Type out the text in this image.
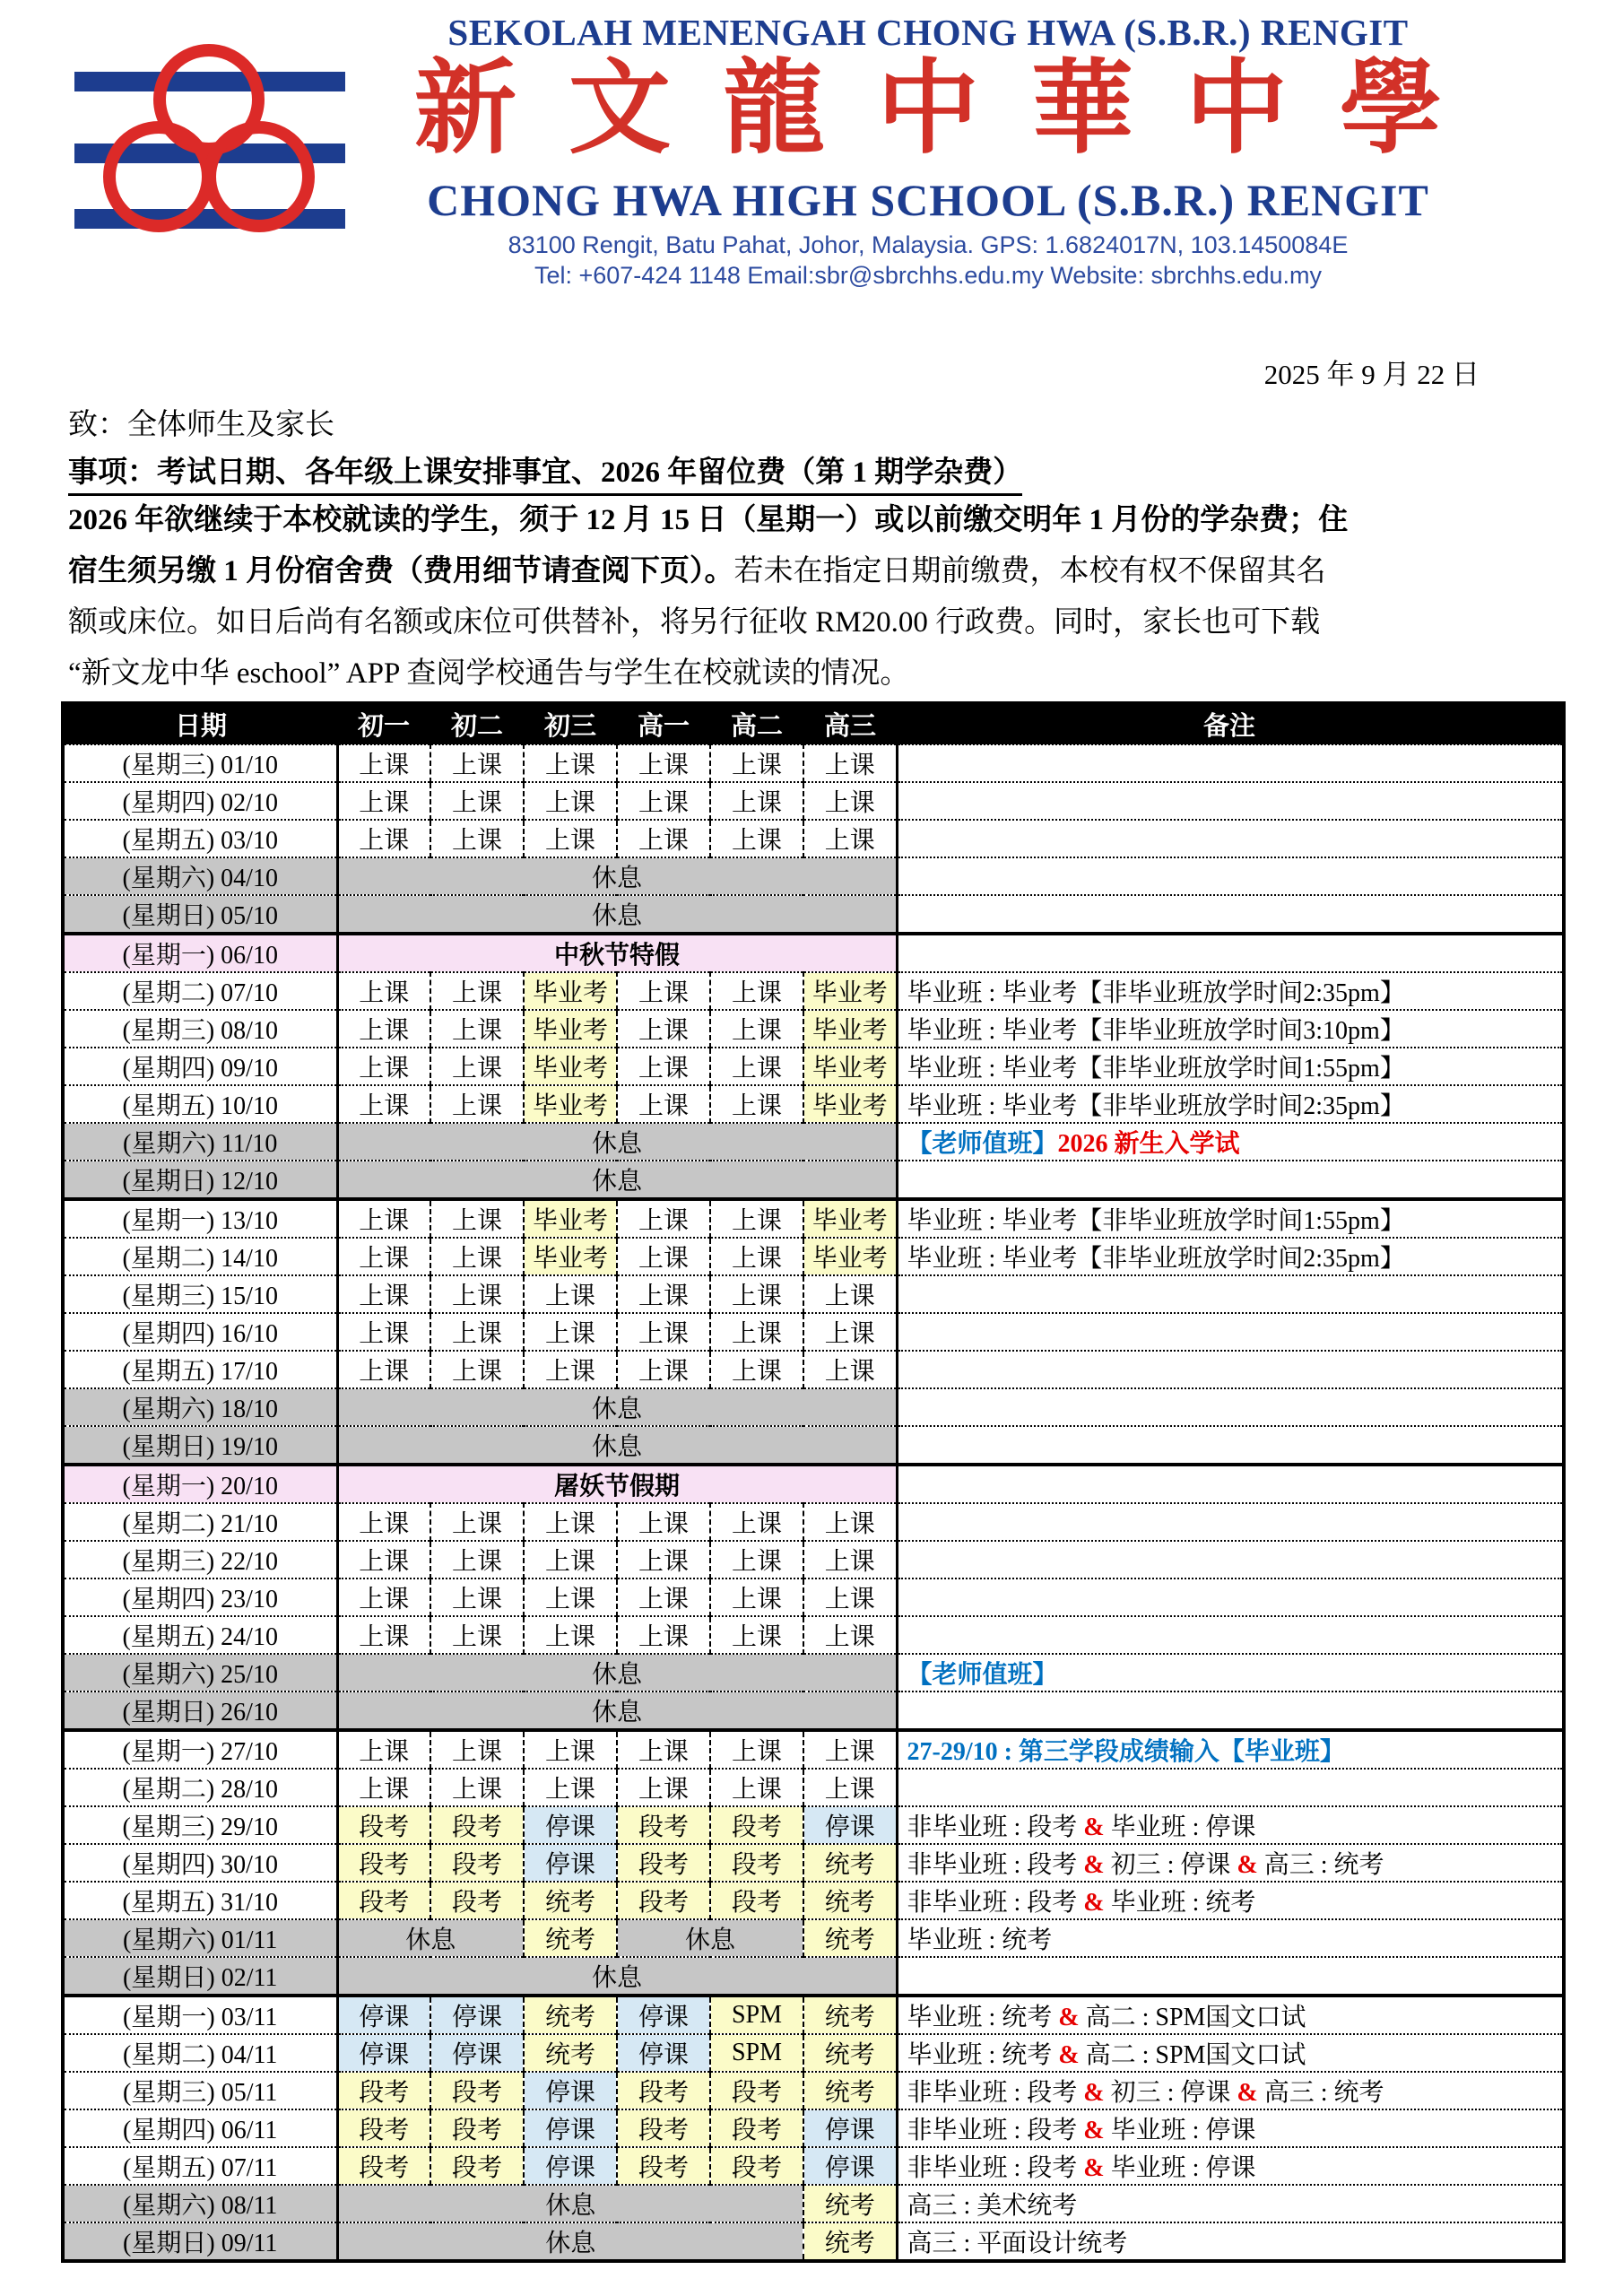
SEKOLAH MENENGAH CHONG HWA (S.B.R.) RENGIT
新文龍中華中學
CHONG HWA HIGH SCHOOL (S.B.R.) RENGIT
83100 Rengit, Batu Pahat, Johor, Malaysia. GPS: 1.6824017N, 103.1450084E
Tel: +607-424 1148 Email:sbr@sbrchhs.edu.my Website: sbrchhs.edu.my
2025 年 9 月 22 日
致：全体师生及家长
事项：考试日期、各年级上课安排事宜、2026 年留位费（第 1 期学杂费）
2026 年欲继续于本校就读的学生，须于 12 月 15 日（星期一）或以前缴交明年 1 月份的学杂费；住
宿生须另缴 1 月份宿舍费（费用细节请查阅下页）。若未在指定日期前缴费，本校有权不保留其名
额或床位。如日后尚有名额或床位可供替补，将另行征收 RM20.00 行政费。同时，家长也可下载
“新文龙中华 eschool” APP 查阅学校通告与学生在校就读的情况。
日期	初一	初二	初三	高一	高二	高三	备注
(星期三) 01/10	上课	上课	上课	上课	上课	上课	
(星期四) 02/10	上课	上课	上课	上课	上课	上课	
(星期五) 03/10	上课	上课	上课	上课	上课	上课	
(星期六) 04/10	休息						
(星期日) 05/10	休息						
(星期一) 06/10	中秋节特假						
(星期二) 07/10	上课	上课	毕业考	上课	上课	毕业考	毕业班 : 毕业考【非毕业班放学时间2:35pm】
(星期三) 08/10	上课	上课	毕业考	上课	上课	毕业考	毕业班 : 毕业考【非毕业班放学时间3:10pm】
(星期四) 09/10	上课	上课	毕业考	上课	上课	毕业考	毕业班 : 毕业考【非毕业班放学时间1:55pm】
(星期五) 10/10	上课	上课	毕业考	上课	上课	毕业考	毕业班 : 毕业考【非毕业班放学时间2:35pm】
(星期六) 11/10	休息						【老师值班】2026 新生入学试
(星期日) 12/10	休息						
(星期一) 13/10	上课	上课	毕业考	上课	上课	毕业考	毕业班 : 毕业考【非毕业班放学时间1:55pm】
(星期二) 14/10	上课	上课	毕业考	上课	上课	毕业考	毕业班 : 毕业考【非毕业班放学时间2:35pm】
(星期三) 15/10	上课	上课	上课	上课	上课	上课	
(星期四) 16/10	上课	上课	上课	上课	上课	上课	
(星期五) 17/10	上课	上课	上课	上课	上课	上课	
(星期六) 18/10	休息						
(星期日) 19/10	休息						
(星期一) 20/10	屠妖节假期						
(星期二) 21/10	上课	上课	上课	上课	上课	上课	
(星期三) 22/10	上课	上课	上课	上课	上课	上课	
(星期四) 23/10	上课	上课	上课	上课	上课	上课	
(星期五) 24/10	上课	上课	上课	上课	上课	上课	
(星期六) 25/10	休息						【老师值班】
(星期日) 26/10	休息						
(星期一) 27/10	上课	上课	上课	上课	上课	上课	27-29/10 : 第三学段成绩输入【毕业班】
(星期二) 28/10	上课	上课	上课	上课	上课	上课	
(星期三) 29/10	段考	段考	停课	段考	段考	停课	非毕业班 : 段考 & 毕业班 : 停课
(星期四) 30/10	段考	段考	停课	段考	段考	统考	非毕业班 : 段考 & 初三 : 停课 & 高三 : 统考
(星期五) 31/10	段考	段考	统考	段考	段考	统考	非毕业班 : 段考 & 毕业班 : 统考
(星期六) 01/11	休息		统考	休息		统考	毕业班 : 统考
(星期日) 02/11	休息						
(星期一) 03/11	停课	停课	统考	停课	SPM	统考	毕业班 : 统考 & 高二 : SPM国文口试
(星期二) 04/11	停课	停课	统考	停课	SPM	统考	毕业班 : 统考 & 高二 : SPM国文口试
(星期三) 05/11	段考	段考	停课	段考	段考	统考	非毕业班 : 段考 & 初三 : 停课 & 高三 : 统考
(星期四) 06/11	段考	段考	停课	段考	段考	停课	非毕业班 : 段考 & 毕业班 : 停课
(星期五) 07/11	段考	段考	停课	段考	段考	停课	非毕业班 : 段考 & 毕业班 : 停课
(星期六) 08/11	休息					统考	高三 : 美术统考
(星期日) 09/11	休息					统考	高三 : 平面设计统考
